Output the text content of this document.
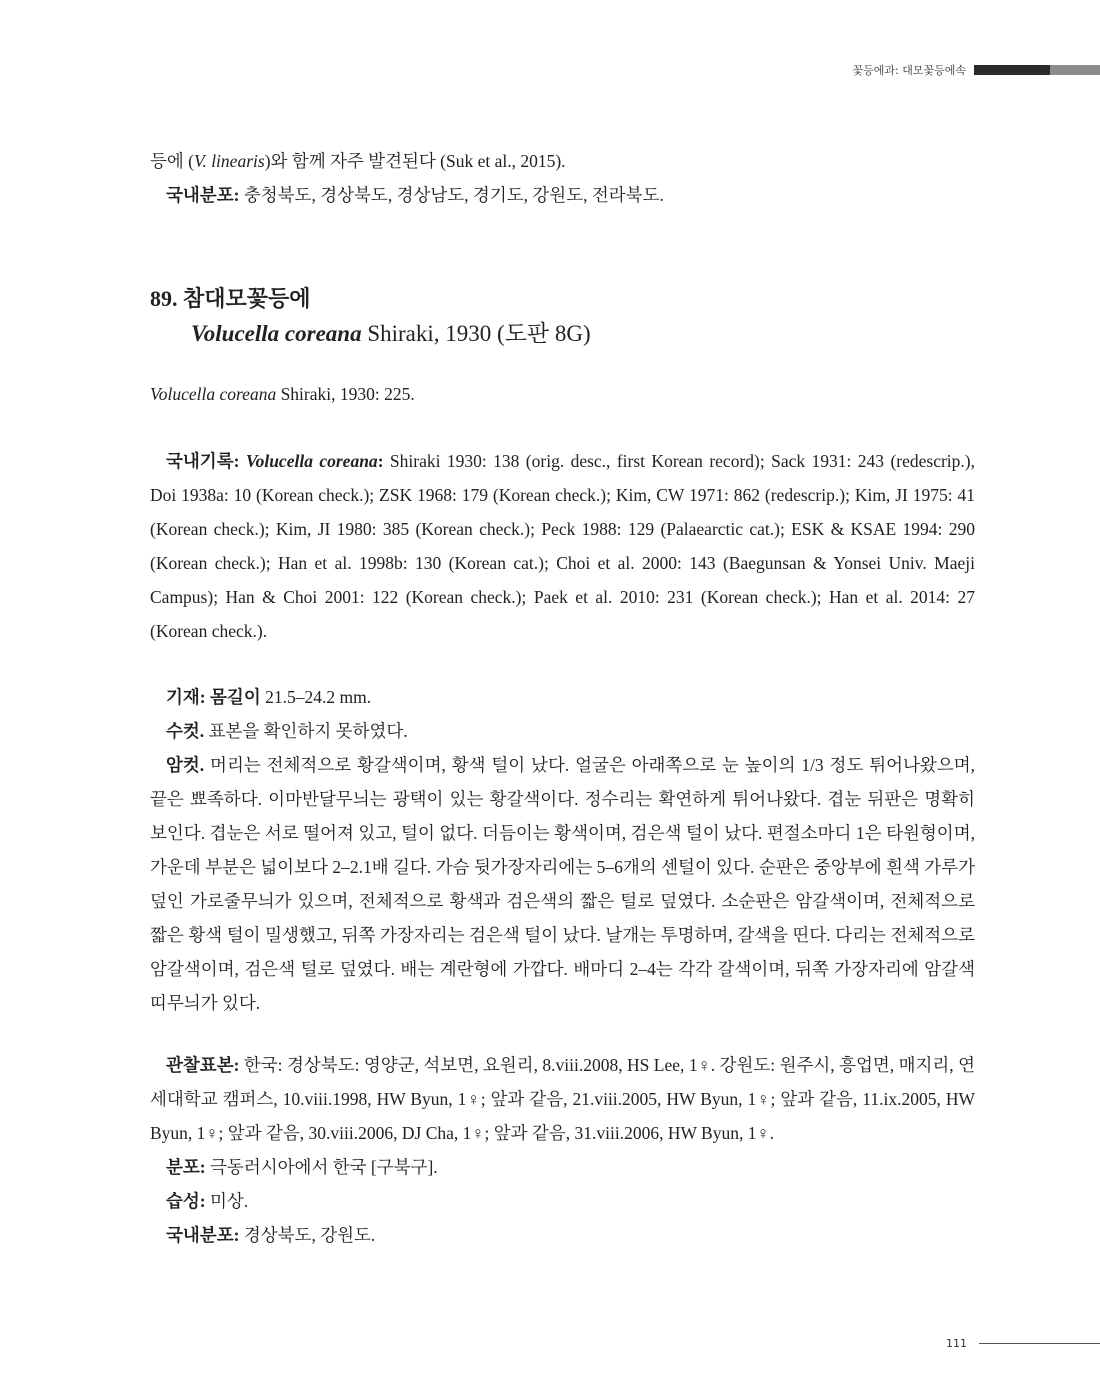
꽃등에과: 대모꽃등에속

등에 (V. linearis)와 함께 자주 발견된다 (Suk et al., 2015).

국내분포: 충청북도, 경상북도, 경상남도, 경기도, 강원도, 전라북도.

89. 참대모꽃등에
Volucella coreana Shiraki, 1930 (도판 8G)

Volucella coreana Shiraki, 1930: 225.

국내기록: Volucella coreana: Shiraki 1930: 138 (orig. desc., first Korean record); Sack 1931: 243 (redescrip.), Doi 1938a: 10 (Korean check.); ZSK 1968: 179 (Korean check.); Kim, CW 1971: 862 (redescrip.); Kim, JI 1975: 41 (Korean check.); Kim, JI 1980: 385 (Korean check.); Peck 1988: 129 (Palaearctic cat.); ESK & KSAE 1994: 290 (Korean check.); Han et al. 1998b: 130 (Korean cat.); Choi et al. 2000: 143 (Baegunsan & Yonsei Univ. Maeji Campus); Han & Choi 2001: 122 (Korean check.); Paek et al. 2010: 231 (Korean check.); Han et al. 2014: 27 (Korean check.).

기재: 몸길이 21.5–24.2 mm.

수컷. 표본을 확인하지 못하였다.

암컷. 머리는 전체적으로 황갈색이며, 황색 털이 났다. 얼굴은 아래쪽으로 눈 높이의 1/3 정도 튀어나왔으며, 끝은 뾰족하다. 이마반달무늬는 광택이 있는 황갈색이다. 정수리는 확연하게 튀어나왔다. 겹눈 뒤판은 명확히 보인다. 겹눈은 서로 떨어져 있고, 털이 없다. 더듬이는 황색이며, 검은색 털이 났다. 편절소마디 1은 타원형이며, 가운데 부분은 넓이보다 2–2.1배 길다. 가슴 뒷가장자리에는 5–6개의 센털이 있다. 순판은 중앙부에 흰색 가루가 덮인 가로줄무늬가 있으며, 전체적으로 황색과 검은색의 짧은 털로 덮였다. 소순판은 암갈색이며, 전체적으로 짧은 황색 털이 밀생했고, 뒤쪽 가장자리는 검은색 털이 났다. 날개는 투명하며, 갈색을 띤다. 다리는 전체적으로 암갈색이며, 검은색 털로 덮였다. 배는 계란형에 가깝다. 배마디 2–4는 각각 갈색이며, 뒤쪽 가장자리에 암갈색 띠무늬가 있다.

관찰표본: 한국: 경상북도: 영양군, 석보면, 요원리, 8.viii.2008, HS Lee, 1♀. 강원도: 원주시, 흥업면, 매지리, 연세대학교 캠퍼스, 10.viii.1998, HW Byun, 1♀; 앞과 같음, 21.viii.2005, HW Byun, 1♀; 앞과 같음, 11.ix.2005, HW Byun, 1♀; 앞과 같음, 30.viii.2006, DJ Cha, 1♀; 앞과 같음, 31.viii.2006, HW Byun, 1♀.

분포: 극동러시아에서 한국 [구북구].

습성: 미상.

국내분포: 경상북도, 강원도.

111
